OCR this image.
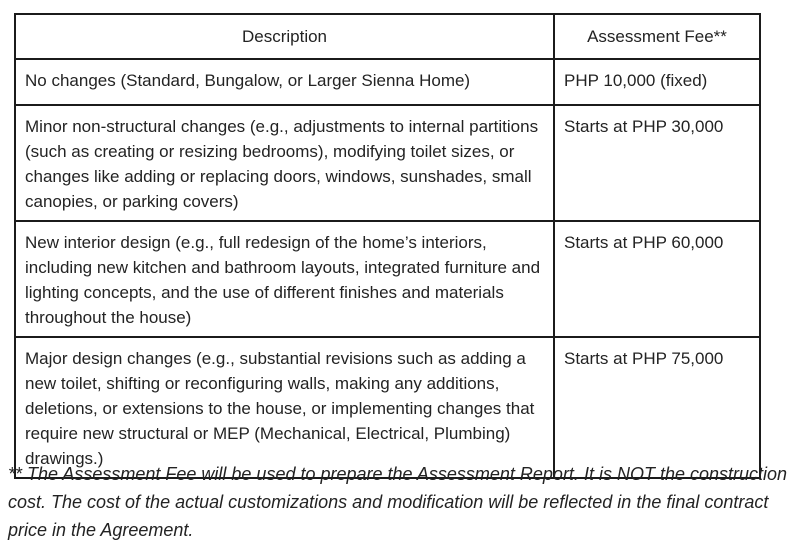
Description	Assessment Fee**
No changes (Standard, Bungalow, or Larger Sienna Home)	PHP 10,000 (fixed)
Minor non-structural changes (e.g., adjustments to internal partitions (such as creating or resizing bedrooms), modifying toilet sizes, or changes like adding or replacing doors, windows, sunshades, small canopies, or parking covers)	Starts at PHP 30,000
New interior design (e.g., full redesign of the home’s interiors, including new kitchen and bathroom layouts, integrated furniture and lighting concepts, and the use of different finishes and materials throughout the house)	Starts at PHP 60,000
Major design changes (e.g., substantial revisions such as adding a new toilet, shifting or reconfiguring walls, making any additions, deletions, or extensions to the house, or implementing changes that require new structural or MEP (Mechanical, Electrical, Plumbing) drawings.)	Starts at PHP 75,000
** The Assessment Fee will be used to prepare the Assessment Report. It is NOT the construction cost. The cost of the actual customizations and modification will be reflected in the final contract price in the Agreement.
